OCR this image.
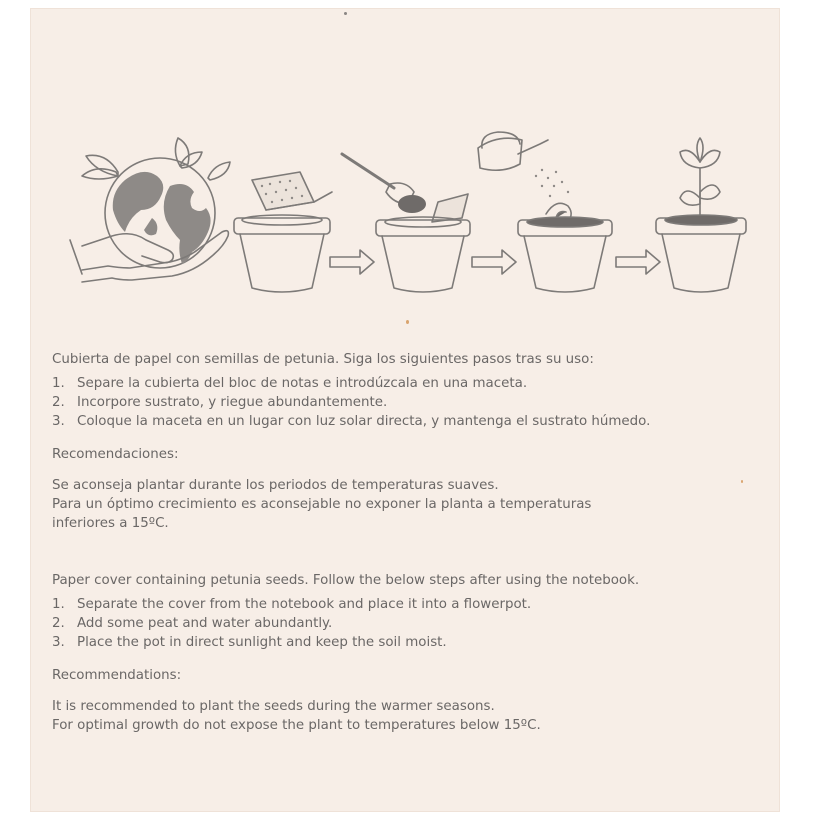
Cubierta de papel con semillas de petunia. Siga los siguientes pasos tras su uso:

1. Separe la cubierta del bloc de notas e introdúzcala en una maceta.
2. Incorpore sustrato, y riegue abundantemente.
3. Coloque la maceta en un lugar con luz solar directa, y mantenga el sustrato húmedo.

Recomendaciones:

Se aconseja plantar durante los periodos de temperaturas suaves.

Para un óptimo crecimiento es aconsejable no exponer la planta a temperaturas

inferiores a 15ºC.

Paper cover containing petunia seeds. Follow the below steps after using the notebook.

1. Separate the cover from the notebook and place it into a flowerpot.
2. Add some peat and water abundantly.
3. Place the pot in direct sunlight and keep the soil moist.

Recommendations:

It is recommended to plant the seeds during the warmer seasons.

For optimal growth do not expose the plant to temperatures below 15ºC.
